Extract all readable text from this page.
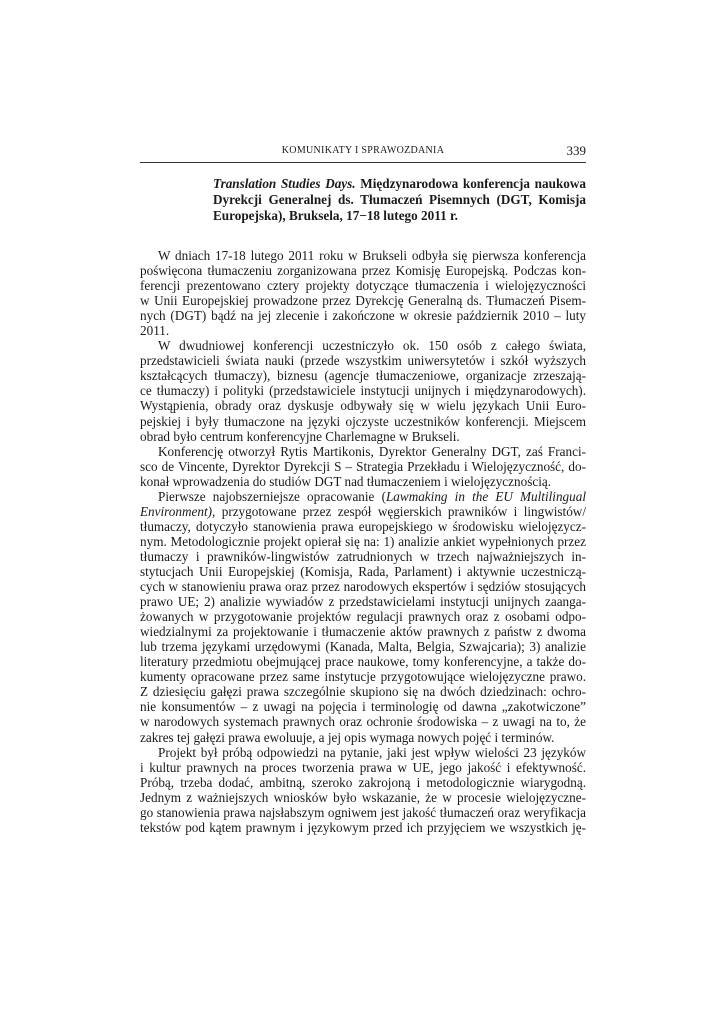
KOMUNIKATY I SPRAWOZDANIA	339
Translation Studies Days. Międzynarodowa konferencja naukowa
Dyrekcji Generalnej ds. Tłumaczeń Pisemnych (DGT, Komisja
Europejska), Bruksela, 17−18 lutego 2011 r.

W dniach 17-18 lutego 2011 roku w Brukseli odbyła się pierwsza konferencja
poświęcona tłumaczeniu zorganizowana przez Komisję Europejską. Podczas kon-
ferencji prezentowano cztery projekty dotyczące tłumaczenia i wielojęzyczności
w Unii Europejskiej prowadzone przez Dyrekcję Generalną ds. Tłumaczeń Pisem-
nych (DGT) bądź na jej zlecenie i zakończone w okresie październik 2010 – luty
2011.

W dwudniowej konferencji uczestniczyło ok. 150 osób z całego świata,
przedstawicieli świata nauki (przede wszystkim uniwersytetów i szkół wyższych
kształcących tłumaczy), biznesu (agencje tłumaczeniowe, organizacje zrzeszają-
ce tłumaczy) i polityki (przedstawiciele instytucji unijnych i międzynarodowych).
Wystąpienia, obrady oraz dyskusje odbywały się w wielu językach Unii Euro-
pejskiej i były tłumaczone na języki ojczyste uczestników konferencji. Miejscem
obrad było centrum konferencyjne Charlemagne w Brukseli.

Konferencję otworzył Rytis Martikonis, Dyrektor Generalny DGT, zaś Franci-
sco de Vincente, Dyrektor Dyrekcji S – Strategia Przekładu i Wielojęzyczność, do-
konał wprowadzenia do studiów DGT nad tłumaczeniem i wielojęzycznością.

Pierwsze najobszerniejsze opracowanie (Lawmaking in the EU Multilingual
Environment), przygotowane przez zespół węgierskich prawników i lingwistów/
tłumaczy, dotyczyło stanowienia prawa europejskiego w środowisku wielojęzycz-
nym. Metodologicznie projekt opierał się na: 1) analizie ankiet wypełnionych przez
tłumaczy i prawników-lingwistów zatrudnionych w trzech najważniejszych in-
stytucjach Unii Europejskiej (Komisja, Rada, Parlament) i aktywnie uczestniczą-
cych w stanowieniu prawa oraz przez narodowych ekspertów i sędziów stosujących
prawo UE; 2) analizie wywiadów z przedstawicielami instytucji unijnych zaanga-
żowanych w przygotowanie projektów regulacji prawnych oraz z osobami odpo-
wiedzialnymi za projektowanie i tłumaczenie aktów prawnych z państw z dwoma
lub trzema językami urzędowymi (Kanada, Malta, Belgia, Szwajcaria); 3) analizie
literatury przedmiotu obejmującej prace naukowe, tomy konferencyjne, a także do-
kumenty opracowane przez same instytucje przygotowujące wielojęzyczne prawo.
Z dziesięciu gałęzi prawa szczególnie skupiono się na dwóch dziedzinach: ochro-
nie konsumentów – z uwagi na pojęcia i terminologię od dawna „zakotwiczone”
w narodowych systemach prawnych oraz ochronie środowiska – z uwagi na to, że
zakres tej gałęzi prawa ewoluuje, a jej opis wymaga nowych pojęć i terminów.

Projekt był próbą odpowiedzi na pytanie, jaki jest wpływ wielości 23 języków
i kultur prawnych na proces tworzenia prawa w UE, jego jakość i efektywność.
Próbą, trzeba dodać, ambitną, szeroko zakrojoną i metodologicznie wiarygodną.
Jednym z ważniejszych wniosków było wskazanie, że w procesie wielojęzyczne-
go stanowienia prawa najsłabszym ogniwem jest jakość tłumaczeń oraz weryfikacja
tekstów pod kątem prawnym i językowym przed ich przyjęciem we wszystkich ję-
